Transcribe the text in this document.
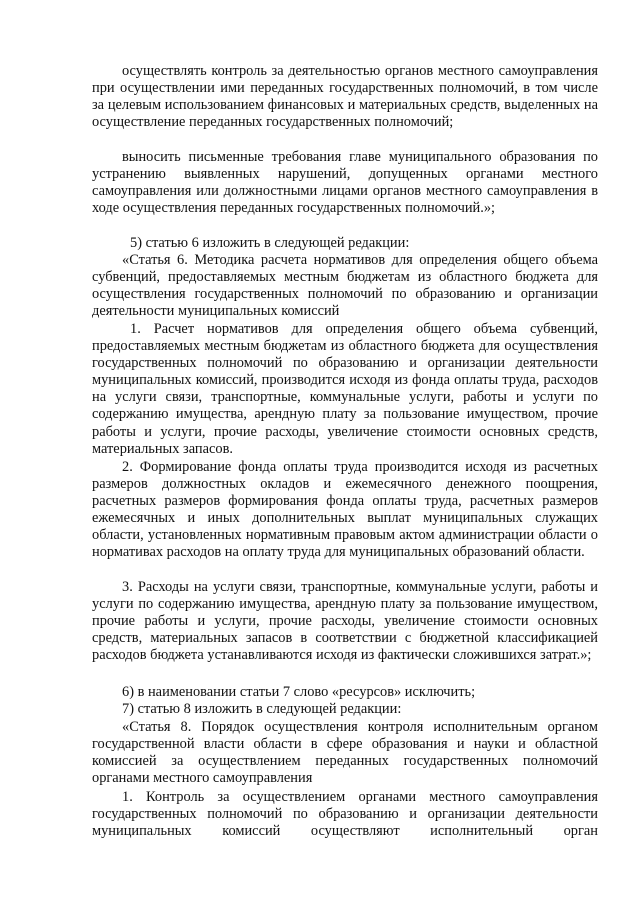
осуществлять контроль за деятельностью органов местного самоуправления при осуществлении ими переданных государственных полномочий, в том числе за целевым использованием финансовых и материальных средств, выделенных на осуществление переданных государственных полномочий;

выносить письменные требования главе муниципального образования по устранению выявленных нарушений, допущенных органами местного самоуправления или должностными лицами органов местного самоуправления в ходе осуществления переданных государственных полномочий.»;

5) статью 6 изложить в следующей редакции:

«Статья 6. Методика расчета нормативов для определения общего объема субвенций, предоставляемых местным бюджетам из областного бюджета для осуществления государственных полномочий по образованию и организации деятельности муниципальных комиссий

1. Расчет нормативов для определения общего объема субвенций, предоставляемых местным бюджетам из областного бюджета для осуществления государственных полномочий по образованию и организации деятельности муниципальных комиссий, производится исходя из фонда оплаты труда, расходов на услуги связи, транспортные, коммунальные услуги, работы и услуги по содержанию имущества, арендную плату за пользование имуществом, прочие работы и услуги, прочие расходы, увеличение стоимости основных средств, материальных запасов.

2. Формирование фонда оплаты труда производится исходя из расчетных размеров должностных окладов и ежемесячного денежного поощрения, расчетных размеров формирования фонда оплаты труда, расчетных размеров ежемесячных и иных дополнительных выплат муниципальных служащих области, установленных нормативным правовым актом администрации области о нормативах расходов на оплату труда для муниципальных образований области.

3. Расходы на услуги связи, транспортные, коммунальные услуги, работы и услуги по содержанию имущества, арендную плату за пользование имуществом, прочие работы и услуги, прочие расходы, увеличение стоимости основных средств, материальных запасов в соответствии с бюджетной классификацией расходов бюджета устанавливаются исходя из фактически сложившихся затрат.»;

6) в наименовании статьи 7 слово «ресурсов» исключить;

7) статью 8 изложить в следующей редакции:

«Статья 8. Порядок осуществления контроля исполнительным органом государственной власти области в сфере образования и науки и областной комиссией за осуществлением переданных государственных полномочий органами местного самоуправления

1. Контроль за осуществлением органами местного самоуправления государственных полномочий по образованию и организации деятельности муниципальных комиссий осуществляют исполнительный орган
